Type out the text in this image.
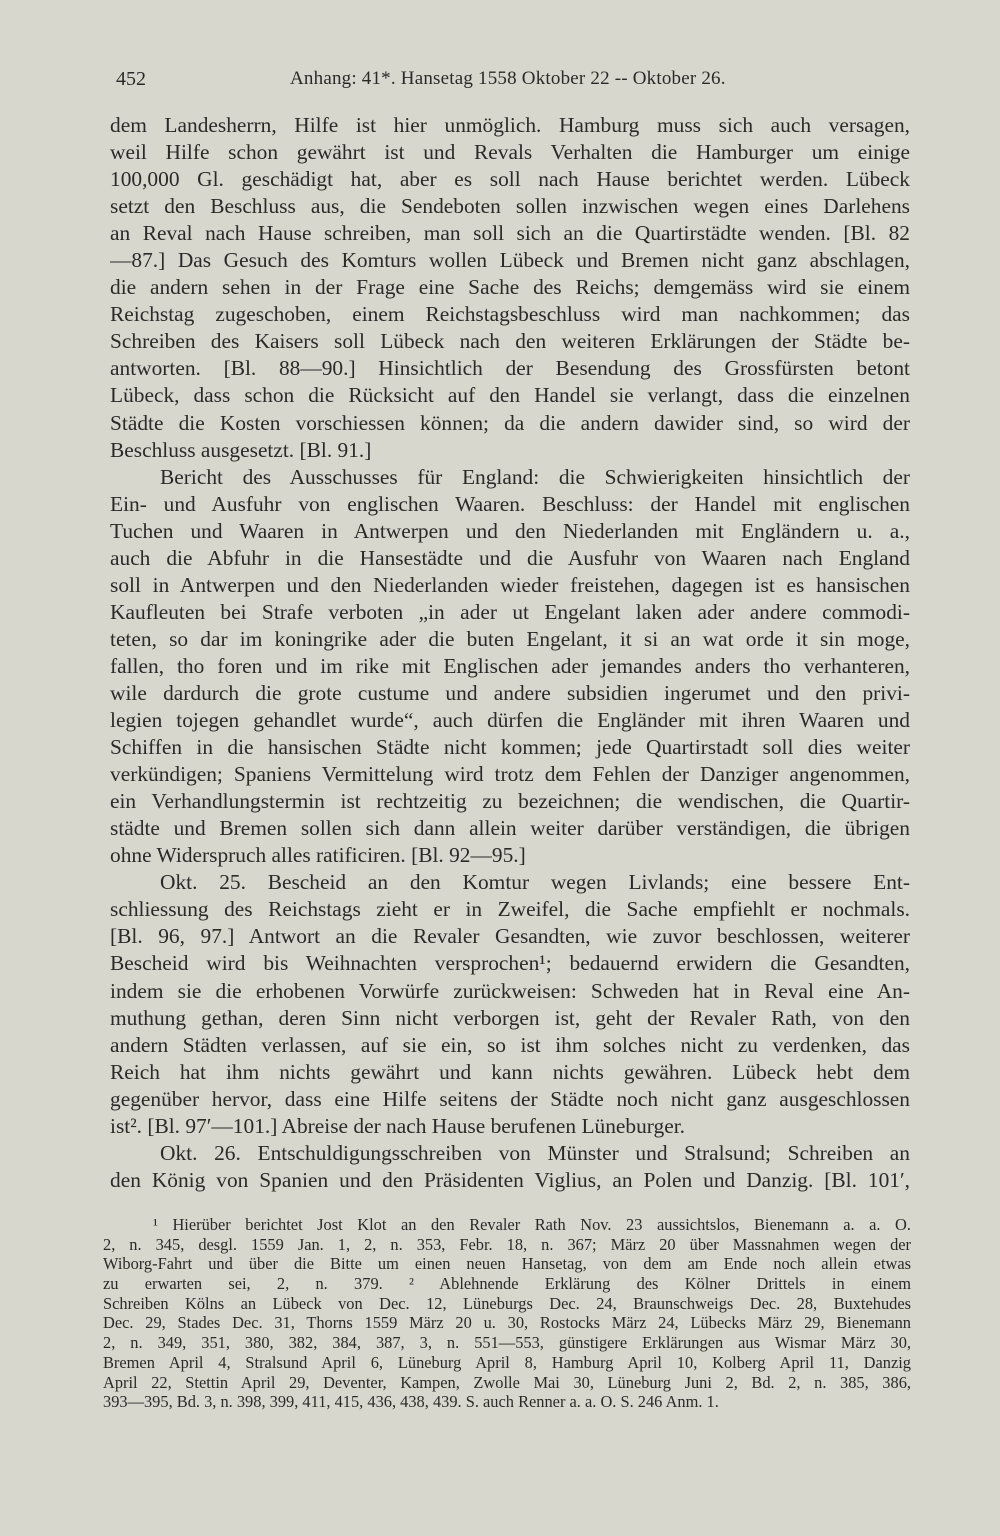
452	Anhang: 41*. Hansetag 1558 Oktober 22 -- Oktober 26.
dem Landesherrn, Hilfe ist hier unmöglich. Hamburg muss sich auch versagen,
weil Hilfe schon gewährt ist und Revals Verhalten die Hamburger um einige
100,000 Gl. geschädigt hat, aber es soll nach Hause berichtet werden. Lübeck
setzt den Beschluss aus, die Sendeboten sollen inzwischen wegen eines Darlehens
an Reval nach Hause schreiben, man soll sich an die Quartirstädte wenden. [Bl. 82
—87.] Das Gesuch des Komturs wollen Lübeck und Bremen nicht ganz abschlagen,
die andern sehen in der Frage eine Sache des Reichs; demgemäss wird sie einem
Reichstag zugeschoben, einem Reichstagsbeschluss wird man nachkommen; das
Schreiben des Kaisers soll Lübeck nach den weiteren Erklärungen der Städte be-
antworten. [Bl. 88—90.] Hinsichtlich der Besendung des Grossfürsten betont
Lübeck, dass schon die Rücksicht auf den Handel sie verlangt, dass die einzelnen
Städte die Kosten vorschiessen können; da die andern dawider sind, so wird der
Beschluss ausgesetzt. [Bl. 91.]
Bericht des Ausschusses für England: die Schwierigkeiten hinsichtlich der
Ein- und Ausfuhr von englischen Waaren. Beschluss: der Handel mit englischen
Tuchen und Waaren in Antwerpen und den Niederlanden mit Engländern u. a.,
auch die Abfuhr in die Hansestädte und die Ausfuhr von Waaren nach England
soll in Antwerpen und den Niederlanden wieder freistehen, dagegen ist es hansischen
Kaufleuten bei Strafe verboten „in ader ut Engelant laken ader andere commodi-
teten, so dar im koningrike ader die buten Engelant, it si an wat orde it sin moge,
fallen, tho foren und im rike mit Englischen ader jemandes anders tho verhanteren,
wile dardurch die grote custume und andere subsidien ingerumet und den privi-
legien tojegen gehandlet wurde“, auch dürfen die Engländer mit ihren Waaren und
Schiffen in die hansischen Städte nicht kommen; jede Quartirstadt soll dies weiter
verkündigen; Spaniens Vermittelung wird trotz dem Fehlen der Danziger angenommen,
ein Verhandlungstermin ist rechtzeitig zu bezeichnen; die wendischen, die Quartir-
städte und Bremen sollen sich dann allein weiter darüber verständigen, die übrigen
ohne Widerspruch alles ratificiren. [Bl. 92—95.]
Okt. 25. Bescheid an den Komtur wegen Livlands; eine bessere Ent-
schliessung des Reichstags zieht er in Zweifel, die Sache empfiehlt er nochmals.
[Bl. 96, 97.] Antwort an die Revaler Gesandten, wie zuvor beschlossen, weiterer
Bescheid wird bis Weihnachten versprochen¹; bedauernd erwidern die Gesandten,
indem sie die erhobenen Vorwürfe zurückweisen: Schweden hat in Reval eine An-
muthung gethan, deren Sinn nicht verborgen ist, geht der Revaler Rath, von den
andern Städten verlassen, auf sie ein, so ist ihm solches nicht zu verdenken, das
Reich hat ihm nichts gewährt und kann nichts gewähren. Lübeck hebt dem
gegenüber hervor, dass eine Hilfe seitens der Städte noch nicht ganz ausgeschlossen
ist². [Bl. 97′—101.] Abreise der nach Hause berufenen Lüneburger.
Okt. 26. Entschuldigungsschreiben von Münster und Stralsund; Schreiben an
den König von Spanien und den Präsidenten Viglius, an Polen und Danzig. [Bl. 101′,
¹ Hierüber berichtet Jost Klot an den Revaler Rath Nov. 23 aussichtslos, Bienemann a. a. O.
2, n. 345, desgl. 1559 Jan. 1, 2, n. 353, Febr. 18, n. 367; März 20 über Massnahmen wegen der
Wiborg-Fahrt und über die Bitte um einen neuen Hansetag, von dem am Ende noch allein etwas
zu erwarten sei, 2, n. 379. ² Ablehnende Erklärung des Kölner Drittels in einem
Schreiben Kölns an Lübeck von Dec. 12, Lüneburgs Dec. 24, Braunschweigs Dec. 28, Buxtehudes
Dec. 29, Stades Dec. 31, Thorns 1559 März 20 u. 30, Rostocks März 24, Lübecks März 29, Bienemann
2, n. 349, 351, 380, 382, 384, 387, 3, n. 551—553, günstigere Erklärungen aus Wismar März 30,
Bremen April 4, Stralsund April 6, Lüneburg April 8, Hamburg April 10, Kolberg April 11, Danzig
April 22, Stettin April 29, Deventer, Kampen, Zwolle Mai 30, Lüneburg Juni 2, Bd. 2, n. 385, 386,
393—395, Bd. 3, n. 398, 399, 411, 415, 436, 438, 439. S. auch Renner a. a. O. S. 246 Anm. 1.
